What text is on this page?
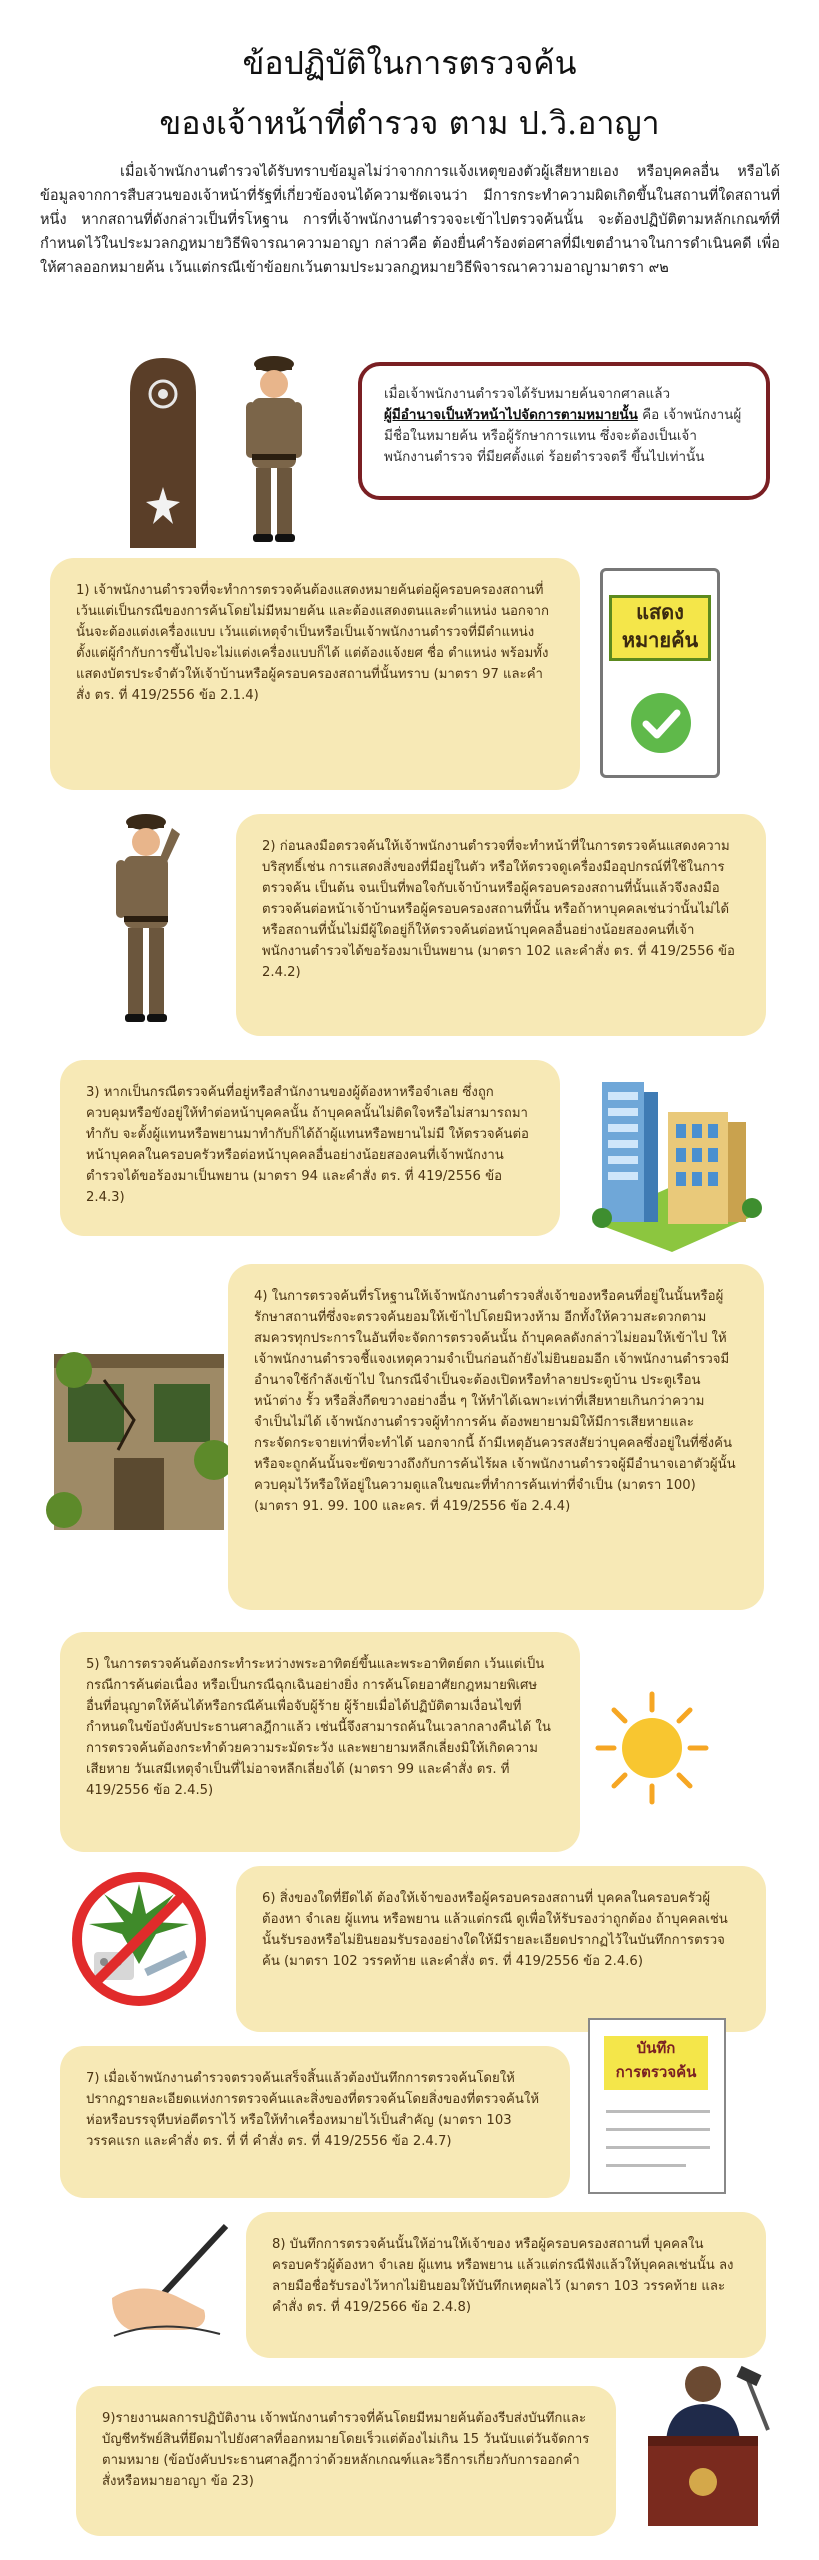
ข้อปฏิบัติในการตรวจค้น
ของเจ้าหน้าที่ตำรวจ ตาม ป.วิ.อาญา

เมื่อเจ้าพนักงานตำรวจได้รับทราบข้อมูลไม่ว่าจากการแจ้งเหตุของตัวผู้เสียหายเอง หรือบุคคลอื่น หรือได้ข้อมูลจากการสืบสวนของเจ้าหน้าที่รัฐที่เกี่ยวข้องจนได้ความชัดเจนว่า มีการกระทำความผิดเกิดขึ้นในสถานที่ใดสถานที่หนึ่ง หากสถานที่ดังกล่าวเป็นที่รโหฐาน การที่เจ้าพนักงานตำรวจจะเข้าไปตรวจค้นนั้น จะต้องปฏิบัติตามหลักเกณฑ์ที่กำหนดไว้ในประมวลกฎหมายวิธีพิจารณาความอาญา กล่าวคือ ต้องยื่นคำร้องต่อศาลที่มีเขตอำนาจในการดำเนินคดี เพื่อให้ศาลออกหมายค้น เว้นแต่กรณีเข้าข้อยกเว้นตามประมวลกฎหมายวิธีพิจารณาความอาญามาตรา ๙๒

เมื่อเจ้าพนักงานตำรวจได้รับหมายค้นจากศาลแล้ว
ผู้มีอำนาจเป็นหัวหน้าไปจัดการตามหมายนั้น คือ เจ้าพนักงานผู้มีชื่อในหมายค้น หรือผู้รักษาการแทน ซึ่งจะต้องเป็นเจ้าพนักงานตำรวจ ที่มียศตั้งแต่ ร้อยตำรวจตรี ขึ้นไปเท่านั้น
1) เจ้าพนักงานตำรวจที่จะทำการตรวจค้นต้องแสดงหมายค้นต่อผู้ครอบครองสถานที่ เว้นแต่เป็นกรณีของการค้นโดยไม่มีหมายค้น และต้องแสดงตนและตำแหน่ง นอกจากนั้นจะต้องแต่งเครื่องแบบ เว้นแต่เหตุจำเป็นหรือเป็นเจ้าพนักงานตำรวจที่มีตำแหน่งตั้งแต่ผู้กำกับการขึ้นไปจะไม่แต่งเครื่องแบบก็ได้ แต่ต้องแจ้งยศ ชื่อ ตำแหน่ง พร้อมทั้งแสดงบัตรประจำตัวให้เจ้าบ้านหรือผู้ครอบครองสถานที่นั้นทราบ (มาตรา 97 และคำสั่ง ตร. ที่ 419/2556 ข้อ 2.1.4)
แสดง
หมายค้น
2) ก่อนลงมือตรวจค้นให้เจ้าพนักงานตำรวจที่จะทำหน้าที่ในการตรวจค้นแสดงความบริสุทธิ์เช่น การแสดงสิ่งของที่มีอยู่ในตัว หรือให้ตรวจดูเครื่องมืออุปกรณ์ที่ใช้ในการตรวจค้น เป็นต้น จนเป็นที่พอใจกับเจ้าบ้านหรือผู้ครอบครองสถานที่นั้นแล้วจึงลงมือตรวจค้นต่อหน้าเจ้าบ้านหรือผู้ครอบครองสถานที่นั้น หรือถ้าหาบุคคลเช่นว่านั้นไม่ได้ หรือสถานที่นั้นไม่มีผู้ใดอยู่ก็ให้ตรวจค้นต่อหน้าบุคคลอื่นอย่างน้อยสองคนที่เจ้าพนักงานตำรวจได้ขอร้องมาเป็นพยาน (มาตรา 102 และคำสั่ง ตร. ที่ 419/2556 ข้อ 2.4.2)
3) หากเป็นกรณีตรวจค้นที่อยู่หรือสำนักงานของผู้ต้องหาหรือจำเลย ซึ่งถูกควบคุมหรือขังอยู่ให้ทำต่อหน้าบุคคลนั้น ถ้าบุคคลนั้นไม่ติดใจหรือไม่สามารถมาทำกับ จะตั้งผู้แทนหรือพยานมาทำกับก็ได้ถ้าผู้แทนหรือพยานไม่มี ให้ตรวจค้นต่อหน้าบุคคลในครอบครัวหรือต่อหน้าบุคคลอื่นอย่างน้อยสองคนที่เจ้าพนักงานตำรวจได้ขอร้องมาเป็นพยาน (มาตรา 94 และคำสั่ง ตร. ที่ 419/2556 ข้อ 2.4.3)
4) ในการตรวจค้นที่รโหฐานให้เจ้าพนักงานตำรวจสั่งเจ้าของหรือคนที่อยู่ในนั้นหรือผู้รักษาสถานที่ซึ่งจะตรวจค้นยอมให้เข้าไปโดยมิหวงห้าม อีกทั้งให้ความสะดวกตามสมควรทุกประการในอันที่จะจัดการตรวจค้นนั้น ถ้าบุคคลดังกล่าวไม่ยอมให้เข้าไป ให้เจ้าพนักงานตำรวจชี้แจงเหตุความจำเป็นก่อนถ้ายังไม่ยินยอมอีก เจ้าพนักงานตำรวจมีอำนาจใช้กำลังเข้าไป ในกรณีจำเป็นจะต้องเปิดหรือทำลายประตูบ้าน ประตูเรือน หน้าต่าง รั้ว หรือสิ่งกีดขวางอย่างอื่น ๆ ให้ทำได้เฉพาะเท่าที่เสียหายเกินกว่าความจำเป็นไม่ได้ เจ้าพนักงานตำรวจผู้ทำการค้น ต้องพยายามมิให้มีการเสียหายและกระจัดกระจายเท่าที่จะทำได้ นอกจากนี้ ถ้ามีเหตุอันควรสงสัยว่าบุคคลซึ่งอยู่ในที่ซึ่งค้นหรือจะถูกค้นนั้นจะขัดขวางถึงกับการค้นไร้ผล เจ้าพนักงานตำรวจผู้มีอำนาจเอาตัวผู้นั้นควบคุมไว้หรือให้อยู่ในความดูแลในขณะที่ทำการค้นเท่าที่จำเป็น (มาตรา 100) (มาตรา 91. 99. 100 และคร. ที่ 419/2556 ข้อ 2.4.4)
5) ในการตรวจค้นต้องกระทำระหว่างพระอาทิตย์ขึ้นและพระอาทิตย์ตก เว้นแต่เป็นกรณีการค้นต่อเนื่อง หรือเป็นกรณีฉุกเฉินอย่างยิ่ง การค้นโดยอาศัยกฎหมายพิเศษอื่นที่อนุญาตให้ค้นได้หรือกรณีค้นเพื่อจับผู้ร้าย ผู้ร้ายเมื่อได้ปฏิบัติตามเงื่อนไขที่กำหนดในข้อบังคับประธานศาลฎีกาแล้ว เช่นนี้จึงสามารถค้นในเวลากลางคืนได้ ในการตรวจค้นต้องกระทำด้วยความระมัดระวัง และพยายามหลีกเลี่ยงมิให้เกิดความเสียหาย วันเสมีเหตุจำเป็นที่ไม่อาจหลีกเลี่ยงได้ (มาตรา 99 และคำสั่ง ตร. ที่ 419/2556 ข้อ 2.4.5)
6) สิ่งของใดที่ยึดได้ ต้องให้เจ้าของหรือผู้ครอบครองสถานที่ บุคคลในครอบครัวผู้ต้องหา จำเลย ผู้แทน หรือพยาน แล้วแต่กรณี ดูเพื่อให้รับรองว่าถูกต้อง ถ้าบุคคลเช่นนั้นรับรองหรือไม่ยินยอมรับรองอย่างใดให้มีรายละเอียดปรากฏไว้ในบันทึกการตรวจค้น (มาตรา 102 วรรคท้าย และคำสั่ง ตร. ที่ 419/2556 ข้อ 2.4.6)
7) เมื่อเจ้าพนักงานตำรวจตรวจค้นเสร็จสิ้นแล้วต้องบันทึกการตรวจค้นโดยให้ปรากฏรายละเอียดแห่งการตรวจค้นและสิ่งของที่ตรวจค้นโดยสิ่งของที่ตรวจค้นให้ห่อหรือบรรจุหีบห่อตีตราไว้ หรือให้ทำเครื่องหมายไว้เป็นสำคัญ (มาตรา 103 วรรคแรก และคำสั่ง ตร. ที่ ที่ คำสั่ง ตร. ที่ 419/2556 ข้อ 2.4.7)
บันทึก
การตรวจค้น
8) บันทึกการตรวจค้นนั้นให้อ่านให้เจ้าของ หรือผู้ครอบครองสถานที่ บุคคลในครอบครัวผู้ต้องหา จำเลย ผู้แทน หรือพยาน แล้วแต่กรณีฟังแล้วให้บุคคลเช่นนั้น ลงลายมือชื่อรับรองไว้หากไม่ยินยอมให้บันทึกเหตุผลไว้ (มาตรา 103 วรรคท้าย และคำสั่ง ตร. ที่ 419/2566 ข้อ 2.4.8)
9)รายงานผลการปฏิบัติงาน เจ้าพนักงานตำรวจที่ค้นโดยมีหมายค้นต้องรีบส่งบันทึกและบัญชีทรัพย์สินที่ยึดมาไปยังศาลที่ออกหมายโดยเร็วแต่ต้องไม่เกิน 15 วันนับแต่วันจัดการตามหมาย (ข้อบังคับประธานศาลฎีกาว่าด้วยหลักเกณฑ์และวิธีการเกี่ยวกับการออกคำสั่งหรือหมายอาญา ข้อ 23)
